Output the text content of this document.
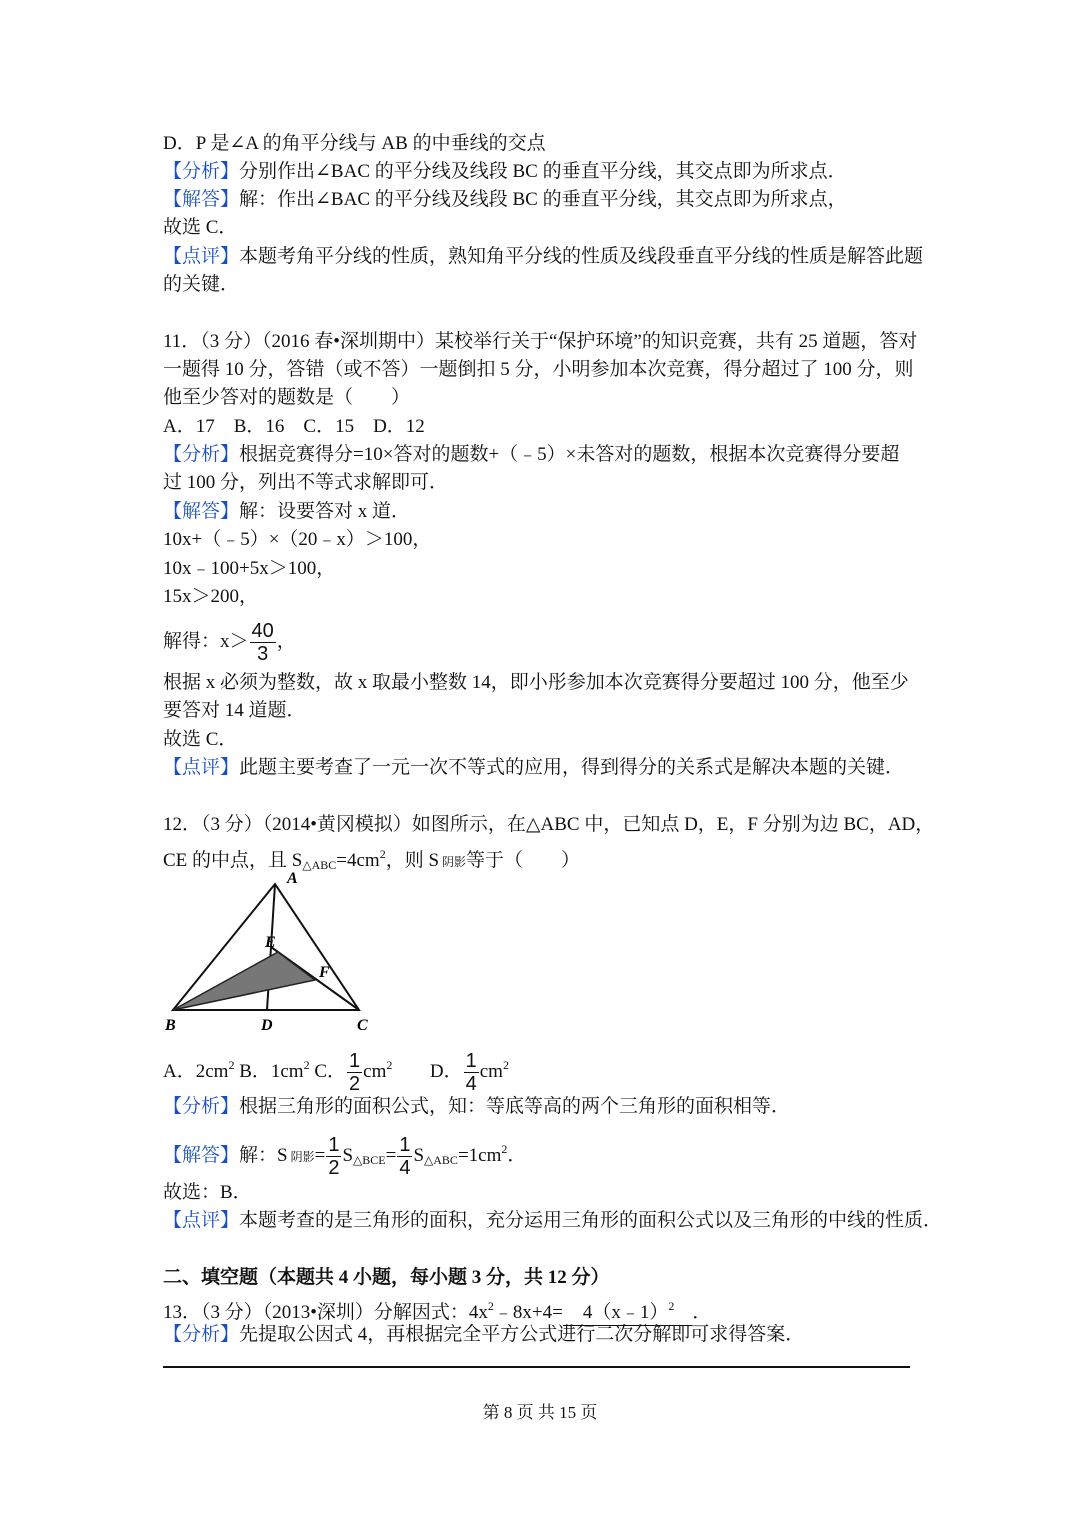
D．P 是∠A 的角平分线与 AB 的中垂线的交点
【分析】分别作出∠BAC 的平分线及线段 BC 的垂直平分线，其交点即为所求点．
【解答】解：作出∠BAC 的平分线及线段 BC 的垂直平分线，其交点即为所求点，
故选 C．
【点评】本题考角平分线的性质，熟知角平分线的性质及线段垂直平分线的性质是解答此题
的关键．
11．（3 分）（2016 春•深圳期中）某校举行关于“保护环境”的知识竞赛，共有 25 道题，答对
一题得 10 分，答错（或不答）一题倒扣 5 分，小明参加本次竞赛，得分超过了 100 分，则
他至少答对的题数是（　　）
A．17　B．16　C．15　D．12
【分析】根据竞赛得分=10×答对的题数+（﹣5）×未答对的题数，根据本次竞赛得分要超
过 100 分，列出不等式求解即可．
【解答】解：设要答对 x 道．
10x+（﹣5）×（20﹣x）＞100，
10x﹣100+5x＞100，
15x＞200，
解得：$x> \frac{40}{3}$ ，
根据 x 必须为整数，故 x 取最小整数 14，即小彤参加本次竞赛得分要超过 100 分，他至少
要答对 14 道题．
故选 C．
【点评】此题主要考查了一元一次不等式的应用，得到得分的关系式是解决本题的关键．
12．（3 分）（2014•黄冈模拟）如图所示，在△ABC 中，已知点 D，E，F 分别为边 BC，AD，
CE 的中点，且 $S_{\triangle ABC}=4cm^2$，则 S 阴影等于（　　）
A
E
F
B	D	C
A．$2cm^2$ B．$1cm^2$ C． $\frac{1}{2} cm^2$ D． $\frac{1}{4} cm^2$
【分析】根据三角形的面积公式，知：等底等高的两个三角形的面积相等．
【解答】解：S 阴影= $\frac{1}{2} S_{\triangle BCE}= \frac{1}{4} S_{\triangle ABC}=1cm^2$．
故选：B．
【点评】本题考查的是三角形的面积，充分运用三角形的面积公式以及三角形的中线的性质．
二、填空题（本题共 4 小题，每小题 3 分，共 12 分）
13．（3 分）（2013•深圳）分解因式：$4x^2﹣8x+4=$ 4（x﹣1）$^2$ ．
【分析】先提取公因式 4，再根据完全平方公式进行二次分解即可求得答案．
第 8 页 共 15 页
